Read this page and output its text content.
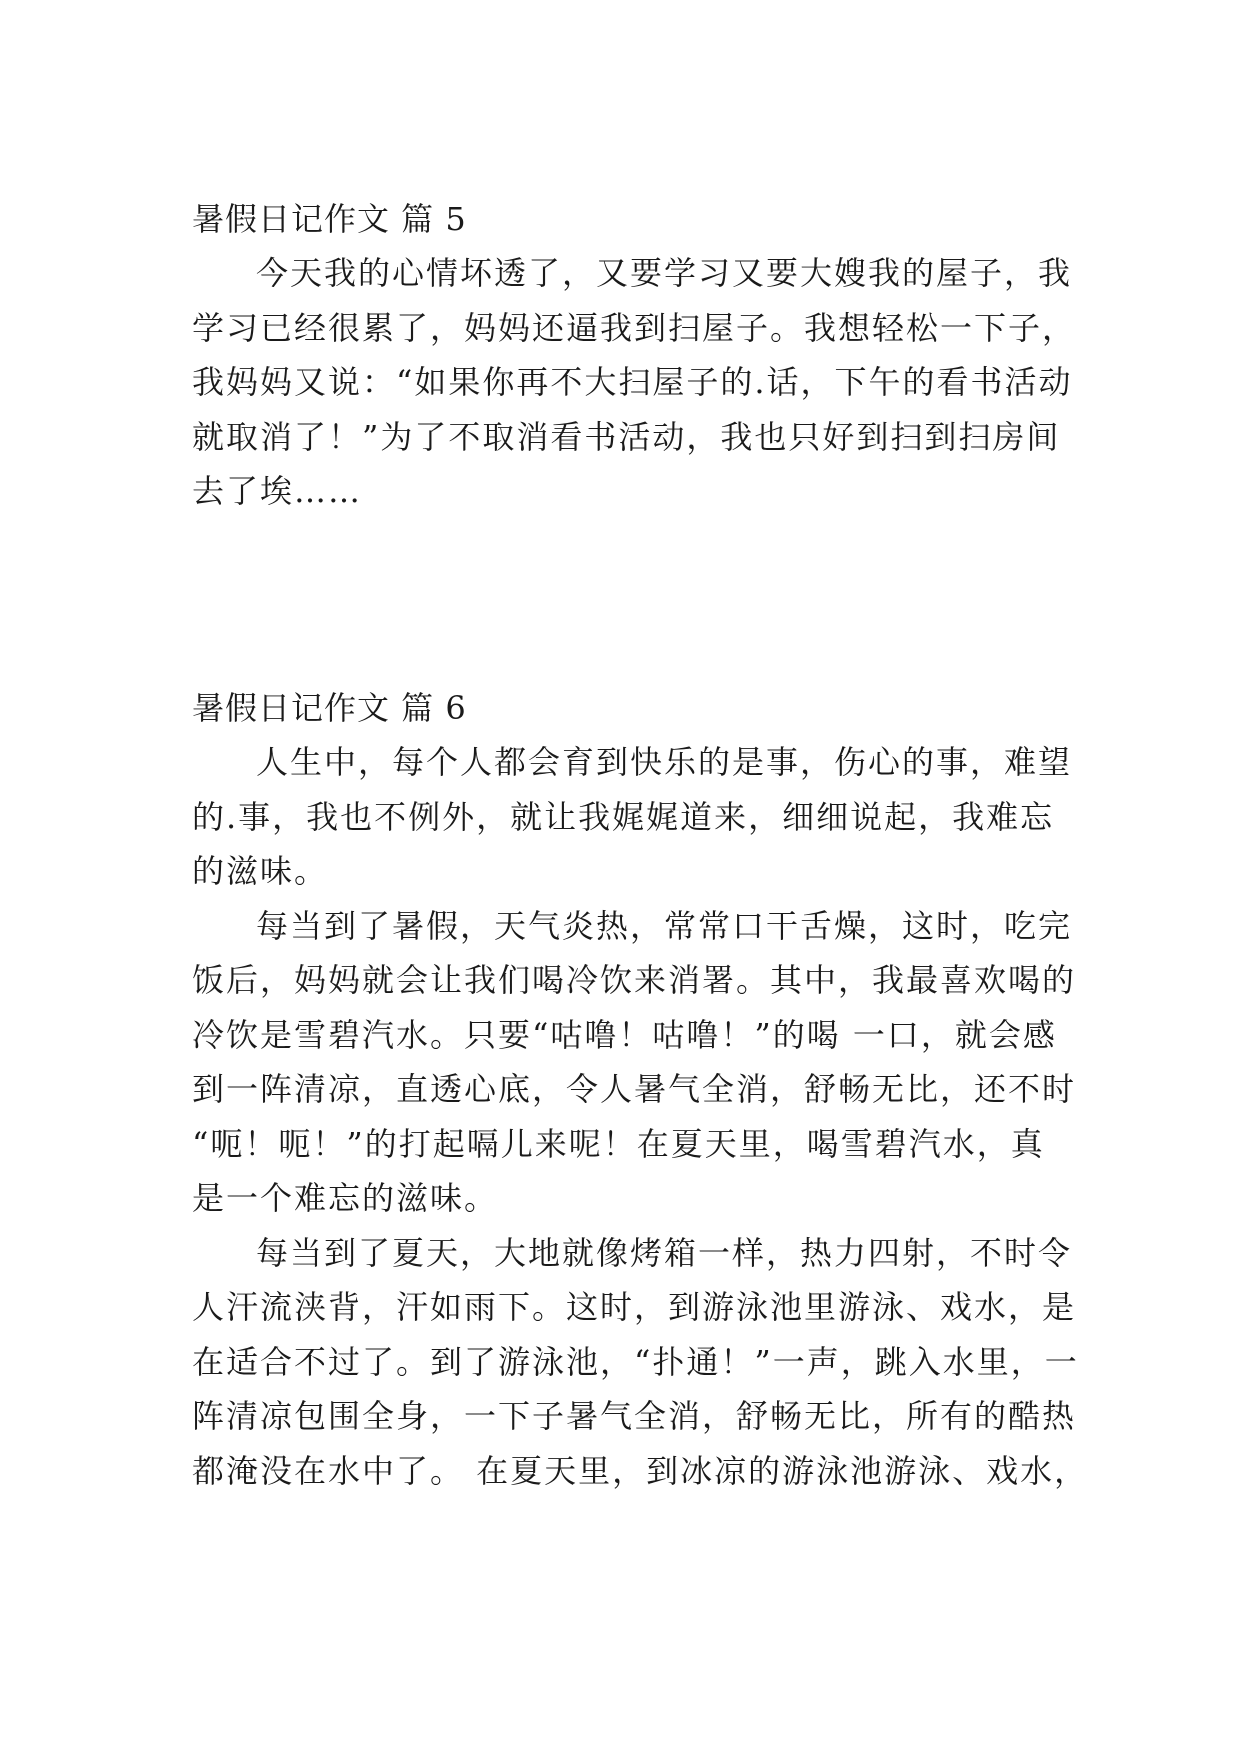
暑假日记作文 篇 5
今天我的心情坏透了，又要学习又要大嫂我的屋子，我
学习已经很累了，妈妈还逼我到扫屋子。我想轻松一下子，
我妈妈又说：“如果你再不大扫屋子的.话，下午的看书活动
就取消了！”为了不取消看书活动，我也只好到扫到扫房间
去了埃……
暑假日记作文 篇 6
人生中，每个人都会育到快乐的是事，伤心的事，难望
的.事，我也不例外，就让我娓娓道来，细细说起，我难忘
的滋味。
每当到了暑假，天气炎热，常常口干舌燥，这时，吃完
饭后，妈妈就会让我们喝冷饮来消署。其中，我最喜欢喝的
冷饮是雪碧汽水。只要“咕噜！咕噜！”的喝 一口，就会感
到一阵清凉，直透心底，令人暑气全消，舒畅无比，还不时
“呃！呃！”的打起嗝儿来呢！在夏天里，喝雪碧汽水，真
是一个难忘的滋味。
每当到了夏天，大地就像烤箱一样，热力四射，不时令
人汗流浃背，汗如雨下。这时，到游泳池里游泳、戏水，是
在适合不过了。到了游泳池，“扑通！”一声，跳入水里，一
阵清凉包围全身，一下子暑气全消，舒畅无比，所有的酷热
都淹没在水中了。 在夏天里，到冰凉的游泳池游泳、戏水，
